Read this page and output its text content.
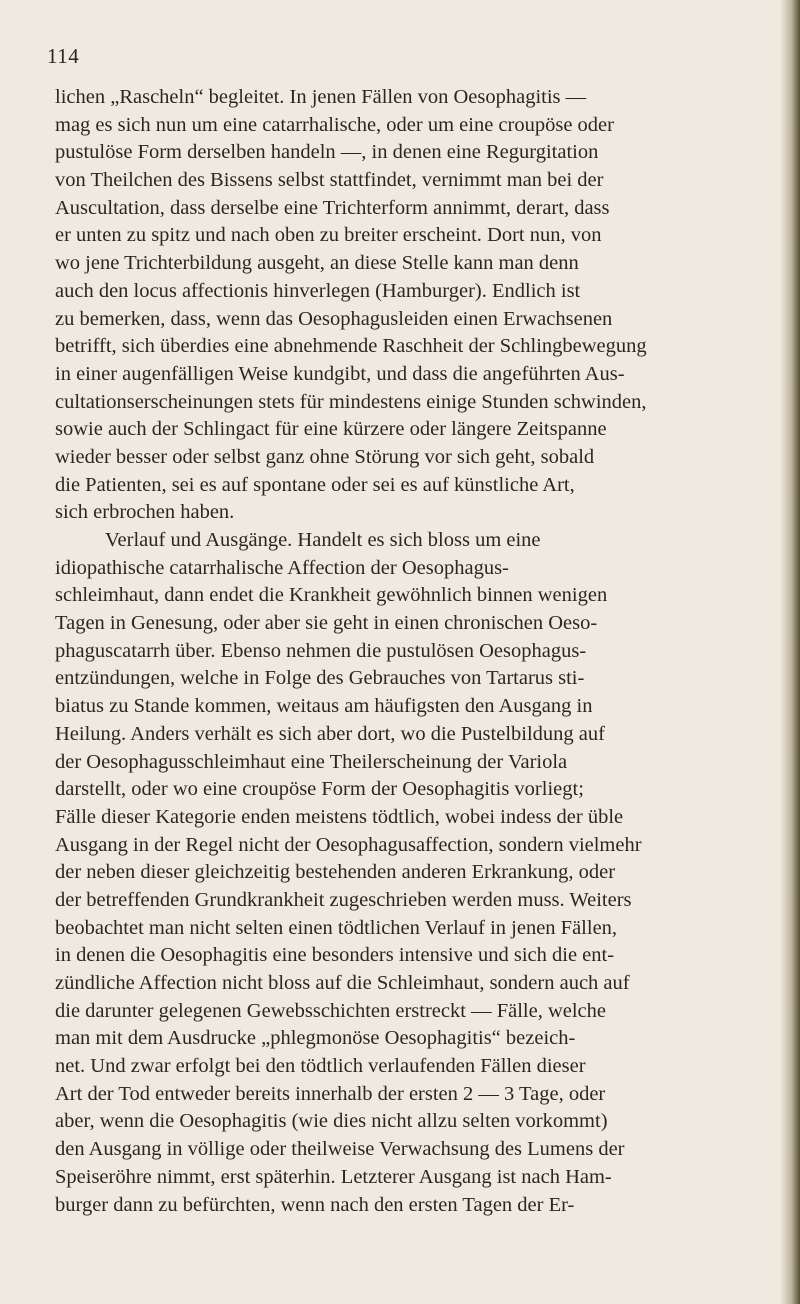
114
lichen „Rascheln“ begleitet. In jenen Fällen von Oesophagitis —
mag es sich nun um eine catarrhalische, oder um eine croupöse oder
pustulöse Form derselben handeln —, in denen eine Regurgitation
von Theilchen des Bissens selbst stattfindet, vernimmt man bei der
Auscultation, dass derselbe eine Trichterform annimmt, derart, dass
er unten zu spitz und nach oben zu breiter erscheint. Dort nun, von
wo jene Trichterbildung ausgeht, an diese Stelle kann man denn
auch den locus affectionis hinverlegen (Hamburger). Endlich ist
zu bemerken, dass, wenn das Oesophagusleiden einen Erwachsenen
betrifft, sich überdies eine abnehmende Raschheit der Schlingbewegung
in einer augenfälligen Weise kundgibt, und dass die angeführten Aus-
cultationserscheinungen stets für mindestens einige Stunden schwinden,
sowie auch der Schlingact für eine kürzere oder längere Zeitspanne
wieder besser oder selbst ganz ohne Störung vor sich geht, sobald
die Patienten, sei es auf spontane oder sei es auf künstliche Art,
sich erbrochen haben.
Verlauf und Ausgänge. Handelt es sich bloss um eine
idiopathische catarrhalische Affection der Oesophagus-
schleimhaut, dann endet die Krankheit gewöhnlich binnen wenigen
Tagen in Genesung, oder aber sie geht in einen chronischen Oeso-
phaguscatarrh über. Ebenso nehmen die pustulösen Oesophagus-
entzündungen, welche in Folge des Gebrauches von Tartarus sti-
biatus zu Stande kommen, weitaus am häufigsten den Ausgang in
Heilung. Anders verhält es sich aber dort, wo die Pustelbildung auf
der Oesophagusschleimhaut eine Theilerscheinung der Variola
darstellt, oder wo eine croupöse Form der Oesophagitis vorliegt;
Fälle dieser Kategorie enden meistens tödtlich, wobei indess der üble
Ausgang in der Regel nicht der Oesophagusaffection, sondern vielmehr
der neben dieser gleichzeitig bestehenden anderen Erkrankung, oder
der betreffenden Grundkrankheit zugeschrieben werden muss. Weiters
beobachtet man nicht selten einen tödtlichen Verlauf in jenen Fällen,
in denen die Oesophagitis eine besonders intensive und sich die ent-
zündliche Affection nicht bloss auf die Schleimhaut, sondern auch auf
die darunter gelegenen Gewebsschichten erstreckt — Fälle, welche
man mit dem Ausdrucke „phlegmonöse Oesophagitis“ bezeich-
net. Und zwar erfolgt bei den tödtlich verlaufenden Fällen dieser
Art der Tod entweder bereits innerhalb der ersten 2 — 3 Tage, oder
aber, wenn die Oesophagitis (wie dies nicht allzu selten vorkommt)
den Ausgang in völlige oder theilweise Verwachsung des Lumens der
Speiseröhre nimmt, erst späterhin. Letzterer Ausgang ist nach Ham-
burger dann zu befürchten, wenn nach den ersten Tagen der Er-
